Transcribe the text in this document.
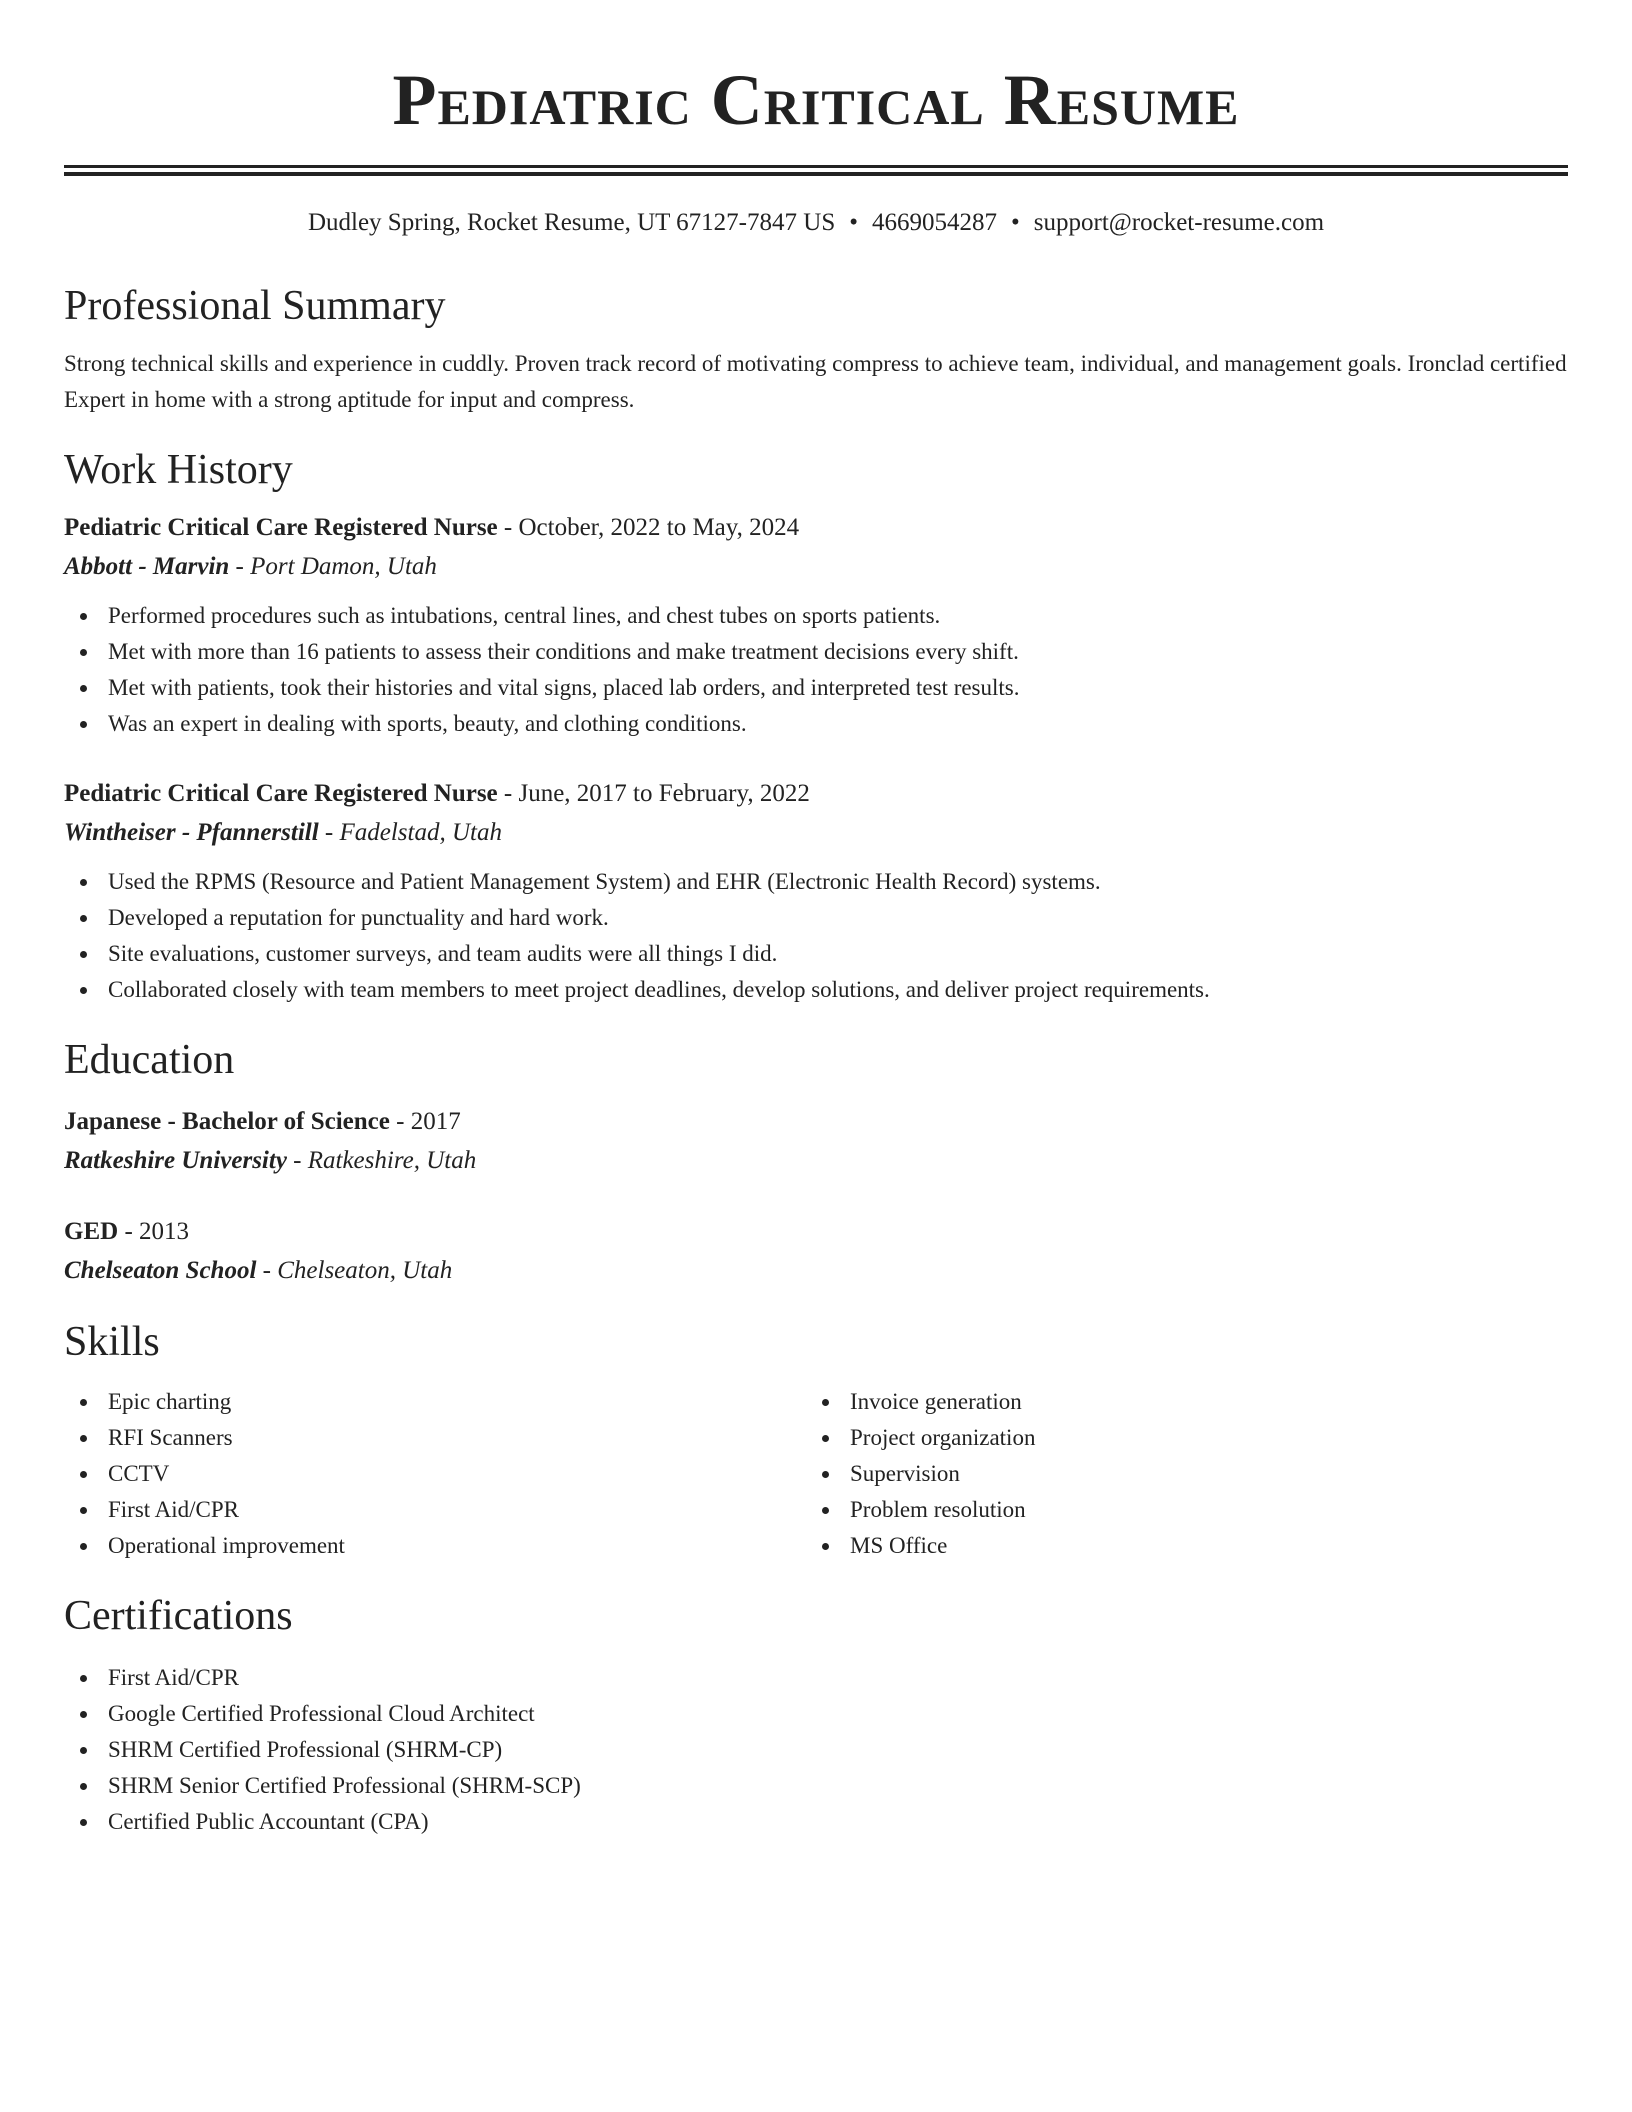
Pediatric Critical Resume
Dudley Spring, Rocket Resume, UT 67127-7847 US • 4669054287 • support@rocket-resume.com
Professional Summary

Strong technical skills and experience in cuddly. Proven track record of motivating compress to achieve team, individual, and management goals. Ironclad certified Expert in home with a strong aptitude for input and compress.

Work History
Pediatric Critical Care Registered Nurse - October, 2022 to May, 2024
Abbott - Marvin - Port Damon, Utah
Performed procedures such as intubations, central lines, and chest tubes on sports patients.
Met with more than 16 patients to assess their conditions and make treatment decisions every shift.
Met with patients, took their histories and vital signs, placed lab orders, and interpreted test results.
Was an expert in dealing with sports, beauty, and clothing conditions.
Pediatric Critical Care Registered Nurse - June, 2017 to February, 2022
Wintheiser - Pfannerstill - Fadelstad, Utah
Used the RPMS (Resource and Patient Management System) and EHR (Electronic Health Record) systems.
Developed a reputation for punctuality and hard work.
Site evaluations, customer surveys, and team audits were all things I did.
Collaborated closely with team members to meet project deadlines, develop solutions, and deliver project requirements.
Education
Japanese - Bachelor of Science - 2017
Ratkeshire University - Ratkeshire, Utah
GED - 2013
Chelseaton School - Chelseaton, Utah
Skills
Epic charting
RFI Scanners
CCTV
First Aid/CPR
Operational improvement
Invoice generation
Project organization
Supervision
Problem resolution
MS Office
Certifications
First Aid/CPR
Google Certified Professional Cloud Architect
SHRM Certified Professional (SHRM-CP)
SHRM Senior Certified Professional (SHRM-SCP)
Certified Public Accountant (CPA)
